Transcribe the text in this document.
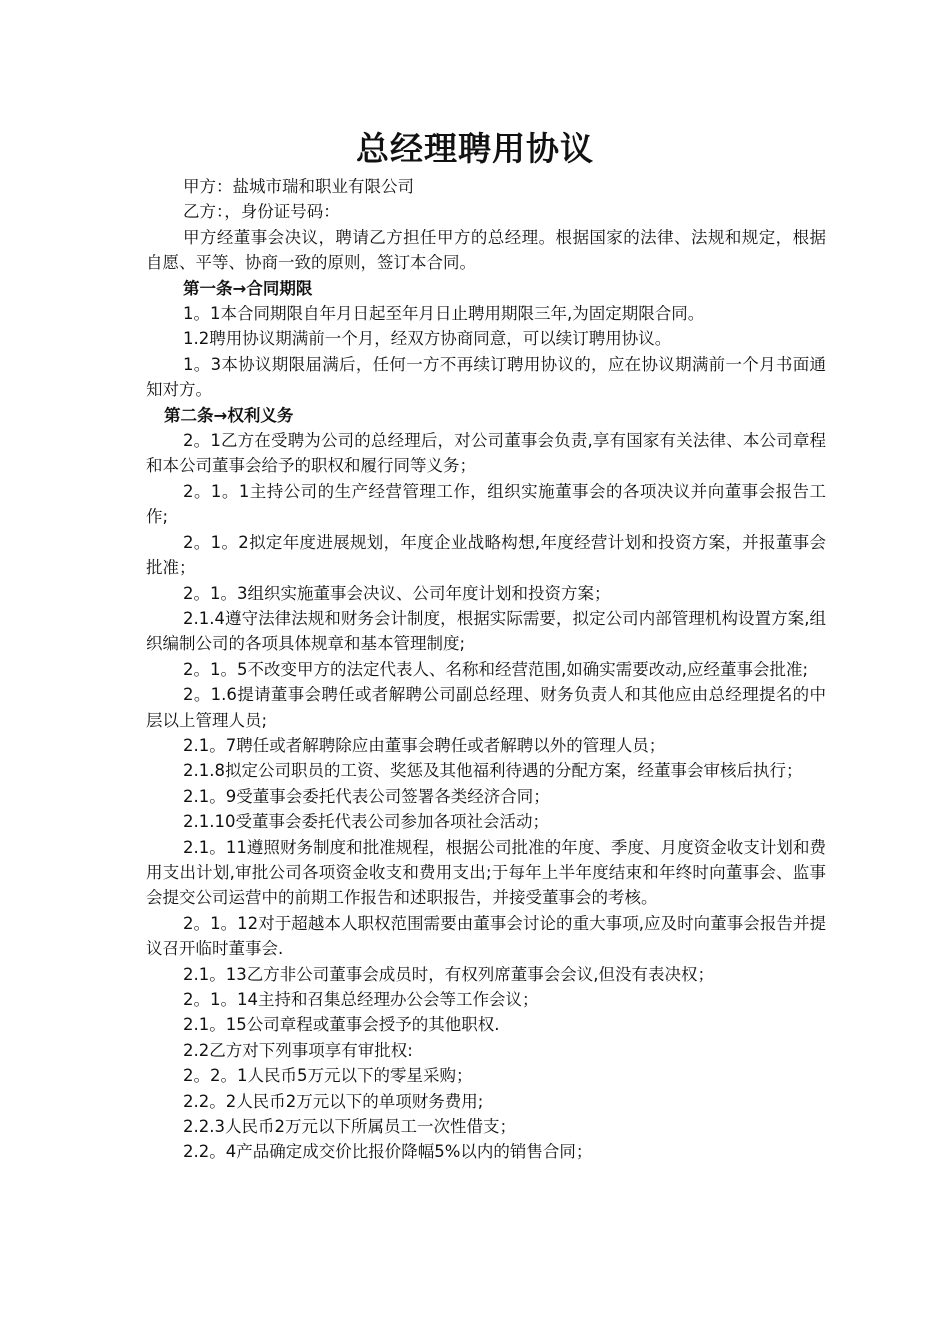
总经理聘用协议

甲方：盐城市瑞和职业有限公司

乙方：，身份证号码：

甲方经董事会决议，聘请乙方担任甲方的总经理。根据国家的法律、法规和规定，根据自愿、平等、协商一致的原则，签订本合同。

第一条→合同期限

1。1本合同期限自年月日起至年月日止聘用期限三年,为固定期限合同。

1.2聘用协议期满前一个月，经双方协商同意，可以续订聘用协议。

1。3本协议期限届满后，任何一方不再续订聘用协议的，应在协议期满前一个月书面通知对方。

第二条→权利义务

2。1乙方在受聘为公司的总经理后，对公司董事会负责,享有国家有关法律、本公司章程和本公司董事会给予的职权和履行同等义务；

2。1。1主持公司的生产经营管理工作，组织实施董事会的各项决议并向董事会报告工作;

2。1。2拟定年度进展规划，年度企业战略构想,年度经营计划和投资方案，并报董事会批准；

2。1。3组织实施董事会决议、公司年度计划和投资方案；

2.1.4遵守法律法规和财务会计制度，根据实际需要，拟定公司内部管理机构设置方案,组织编制公司的各项具体规章和基本管理制度;

2。1。5不改变甲方的法定代表人、名称和经营范围,如确实需要改动,应经董事会批准;

2。1.6提请董事会聘任或者解聘公司副总经理、财务负责人和其他应由总经理提名的中层以上管理人员;

2.1。7聘任或者解聘除应由董事会聘任或者解聘以外的管理人员；

2.1.8拟定公司职员的工资、奖惩及其他福利待遇的分配方案，经董事会审核后执行；

2.1。9受董事会委托代表公司签署各类经济合同；

2.1.10受董事会委托代表公司参加各项社会活动；

2.1。11遵照财务制度和批准规程，根据公司批准的年度、季度、月度资金收支计划和费用支出计划,审批公司各项资金收支和费用支出;于每年上半年度结束和年终时向董事会、监事会提交公司运营中的前期工作报告和述职报告，并接受董事会的考核。

2。1。12对于超越本人职权范围需要由董事会讨论的重大事项,应及时向董事会报告并提议召开临时董事会.

2.1。13乙方非公司董事会成员时，有权列席董事会会议,但没有表决权；

2。1。14主持和召集总经理办公会等工作会议；

2.1。15公司章程或董事会授予的其他职权.

2.2乙方对下列事项享有审批权:

2。2。1人民币5万元以下的零星采购；

2.2。2人民币2万元以下的单项财务费用;

2.2.3人民币2万元以下所属员工一次性借支；

2.2。4产品确定成交价比报价降幅5%以内的销售合同；
